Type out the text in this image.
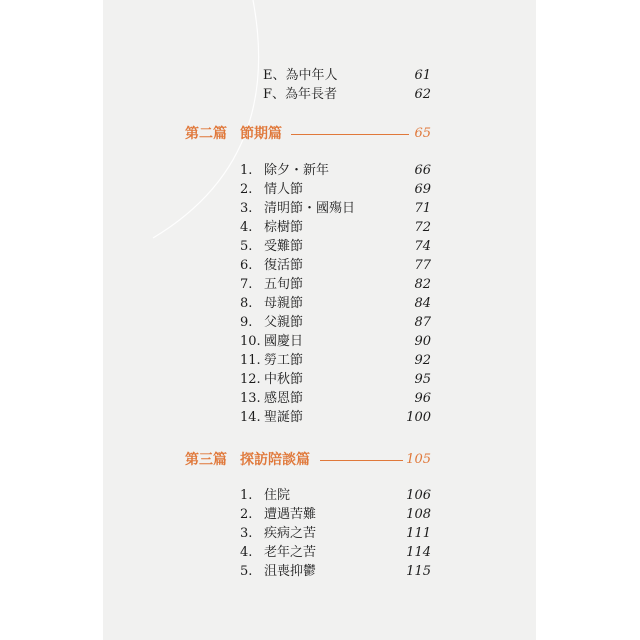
E、為中年人	61
F、為年長者	62
第二篇 節期篇	65
1. 除夕・新年	66
2. 情人節	69
3. 清明節・國殤日	71
4. 棕樹節	72
5. 受難節	74
6. 復活節	77
7. 五旬節	82
8. 母親節	84
9. 父親節	87
10. 國慶日	90
11. 勞工節	92
12. 中秋節	95
13. 感恩節	96
14. 聖誕節	100
第三篇 探訪陪談篇	105
1. 住院	106
2. 遭遇苦難	108
3. 疾病之苦	111
4. 老年之苦	114
5. 沮喪抑鬱	115
